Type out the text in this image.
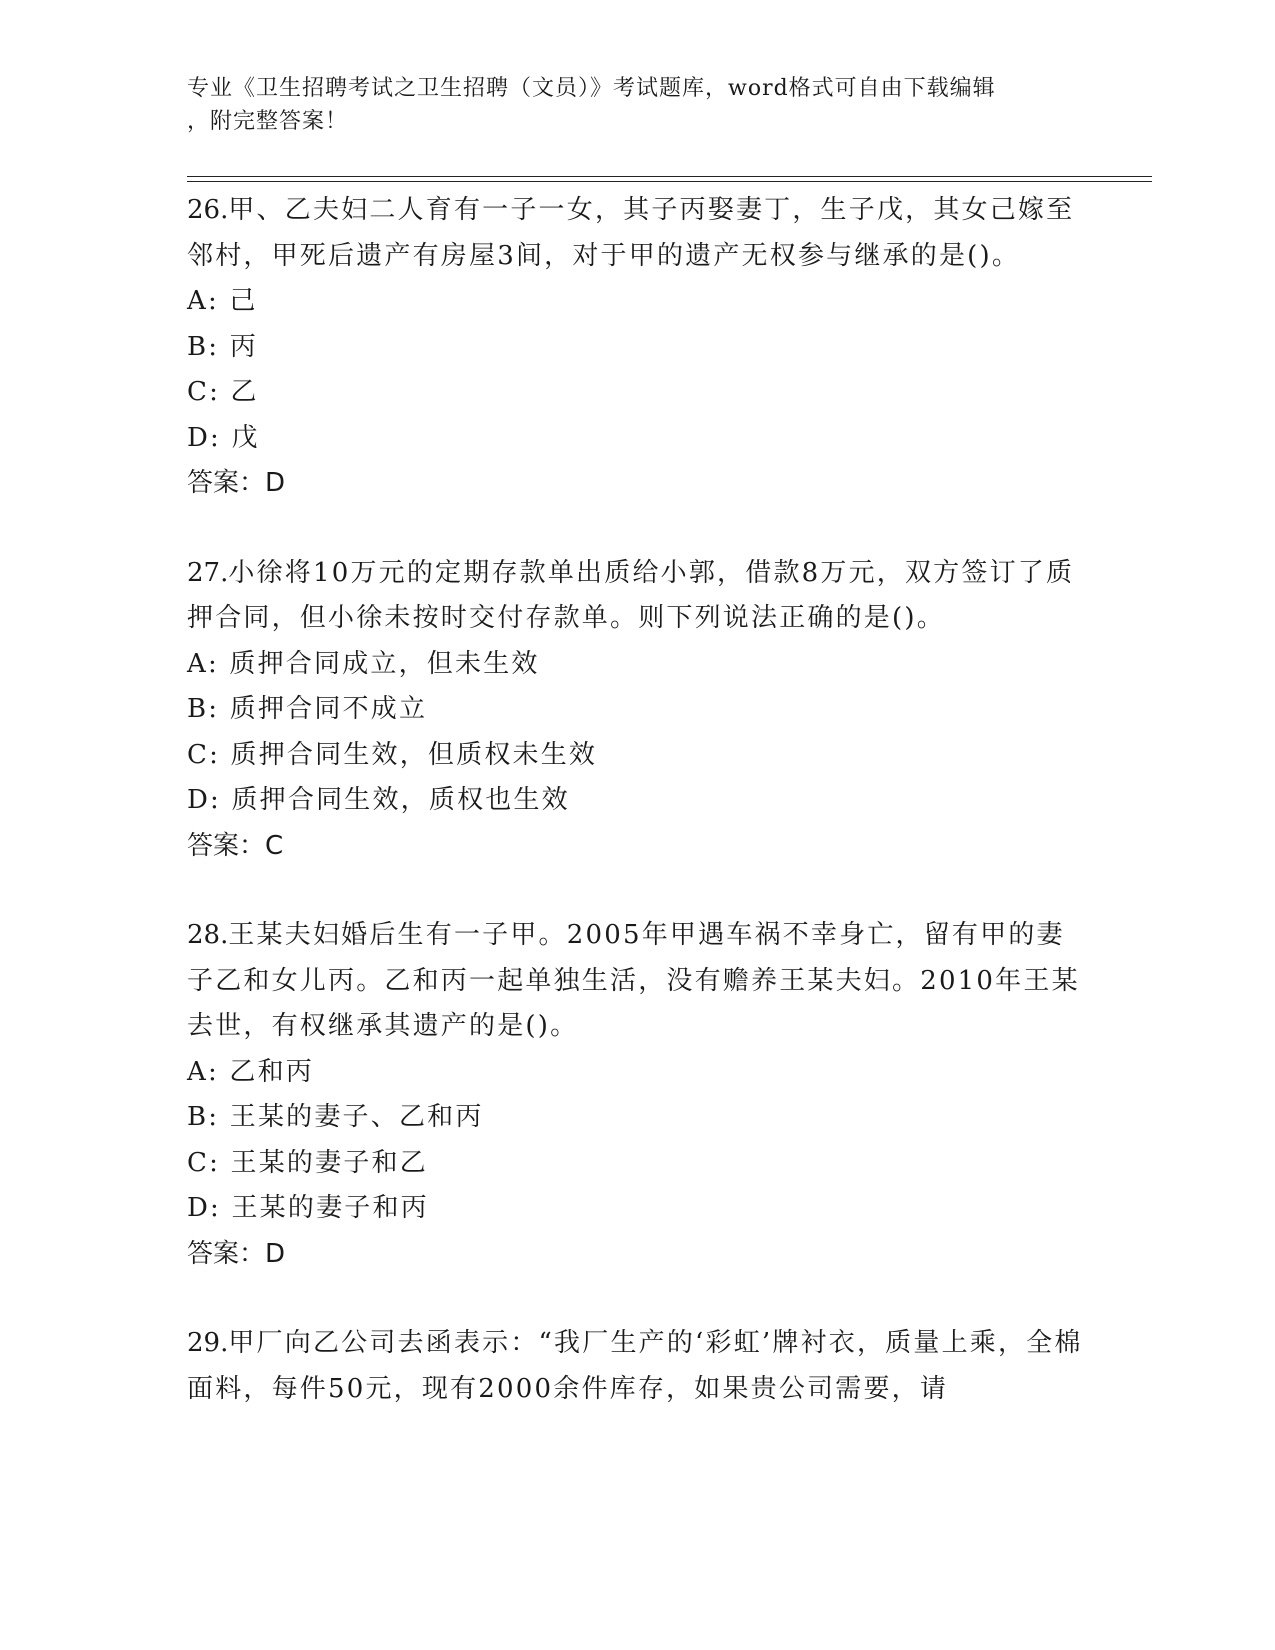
专业《卫生招聘考试之卫生招聘（文员）》考试题库，word格式可自由下载编辑
，附完整答案！

26.甲、乙夫妇二人育有一子一女，其子丙娶妻丁，生子戊，其女己嫁至邻村，甲死后遗产有房屋3间，对于甲的遗产无权参与继承的是()。

A: 己

B: 丙

C: 乙

D: 戊

答案：D

27.小徐将10万元的定期存款单出质给小郭，借款8万元，双方签订了质押合同，但小徐未按时交付存款单。则下列说法正确的是()。

A: 质押合同成立，但未生效

B: 质押合同不成立

C: 质押合同生效，但质权未生效

D: 质押合同生效，质权也生效

答案：C

28.王某夫妇婚后生有一子甲。2005年甲遇车祸不幸身亡，留有甲的妻子乙和女儿丙。乙和丙一起单独生活，没有赡养王某夫妇。2010年王某去世，有权继承其遗产的是()。

A: 乙和丙

B: 王某的妻子、乙和丙

C: 王某的妻子和乙

D: 王某的妻子和丙

答案：D

29.甲厂向乙公司去函表示：“我厂生产的‘彩虹’牌衬衣，质量上乘，全棉面料，每件50元，现有2000余件库存，如果贵公司需要，请
